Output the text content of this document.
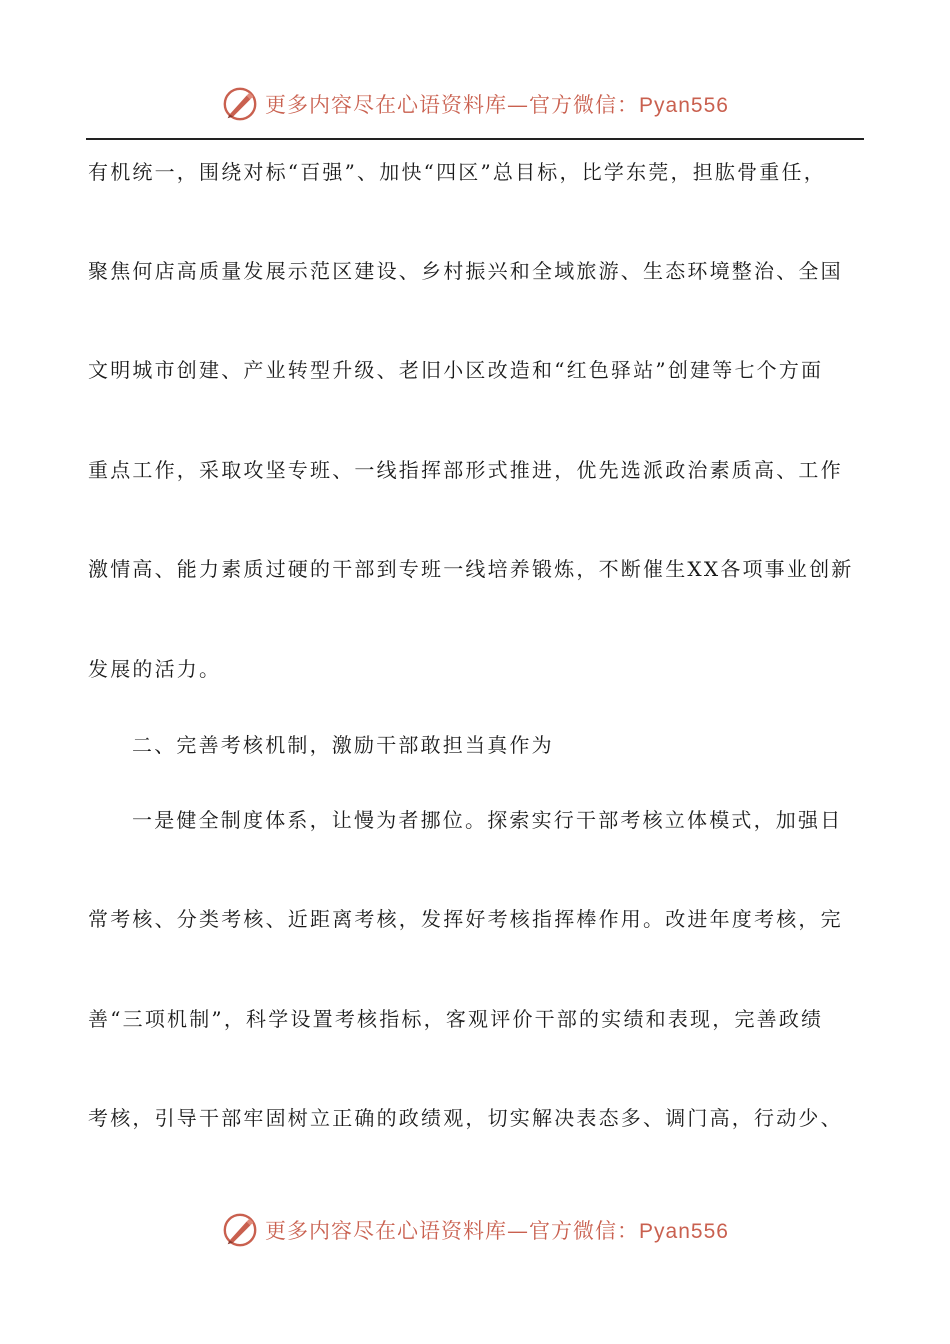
更多内容尽在心语资料库—官方微信：Pyan556
有机统一，围绕对标“百强”、加快“四区”总目标，比学东莞，担肱骨重任，
聚焦何店高质量发展示范区建设、乡村振兴和全域旅游、生态环境整治、全国
文明城市创建、产业转型升级、老旧小区改造和“红色驿站”创建等七个方面
重点工作，采取攻坚专班、一线指挥部形式推进，优先选派政治素质高、工作
激情高、能力素质过硬的干部到专班一线培养锻炼，不断催生XX各项事业创新
发展的活力。
二、完善考核机制，激励干部敢担当真作为
一是健全制度体系，让慢为者挪位。探索实行干部考核立体模式，加强日
常考核、分类考核、近距离考核，发挥好考核指挥棒作用。改进年度考核，完
善“三项机制”，科学设置考核指标，客观评价干部的实绩和表现，完善政绩
考核，引导干部牢固树立正确的政绩观，切实解决表态多、调门高，行动少、
更多内容尽在心语资料库—官方微信：Pyan556
